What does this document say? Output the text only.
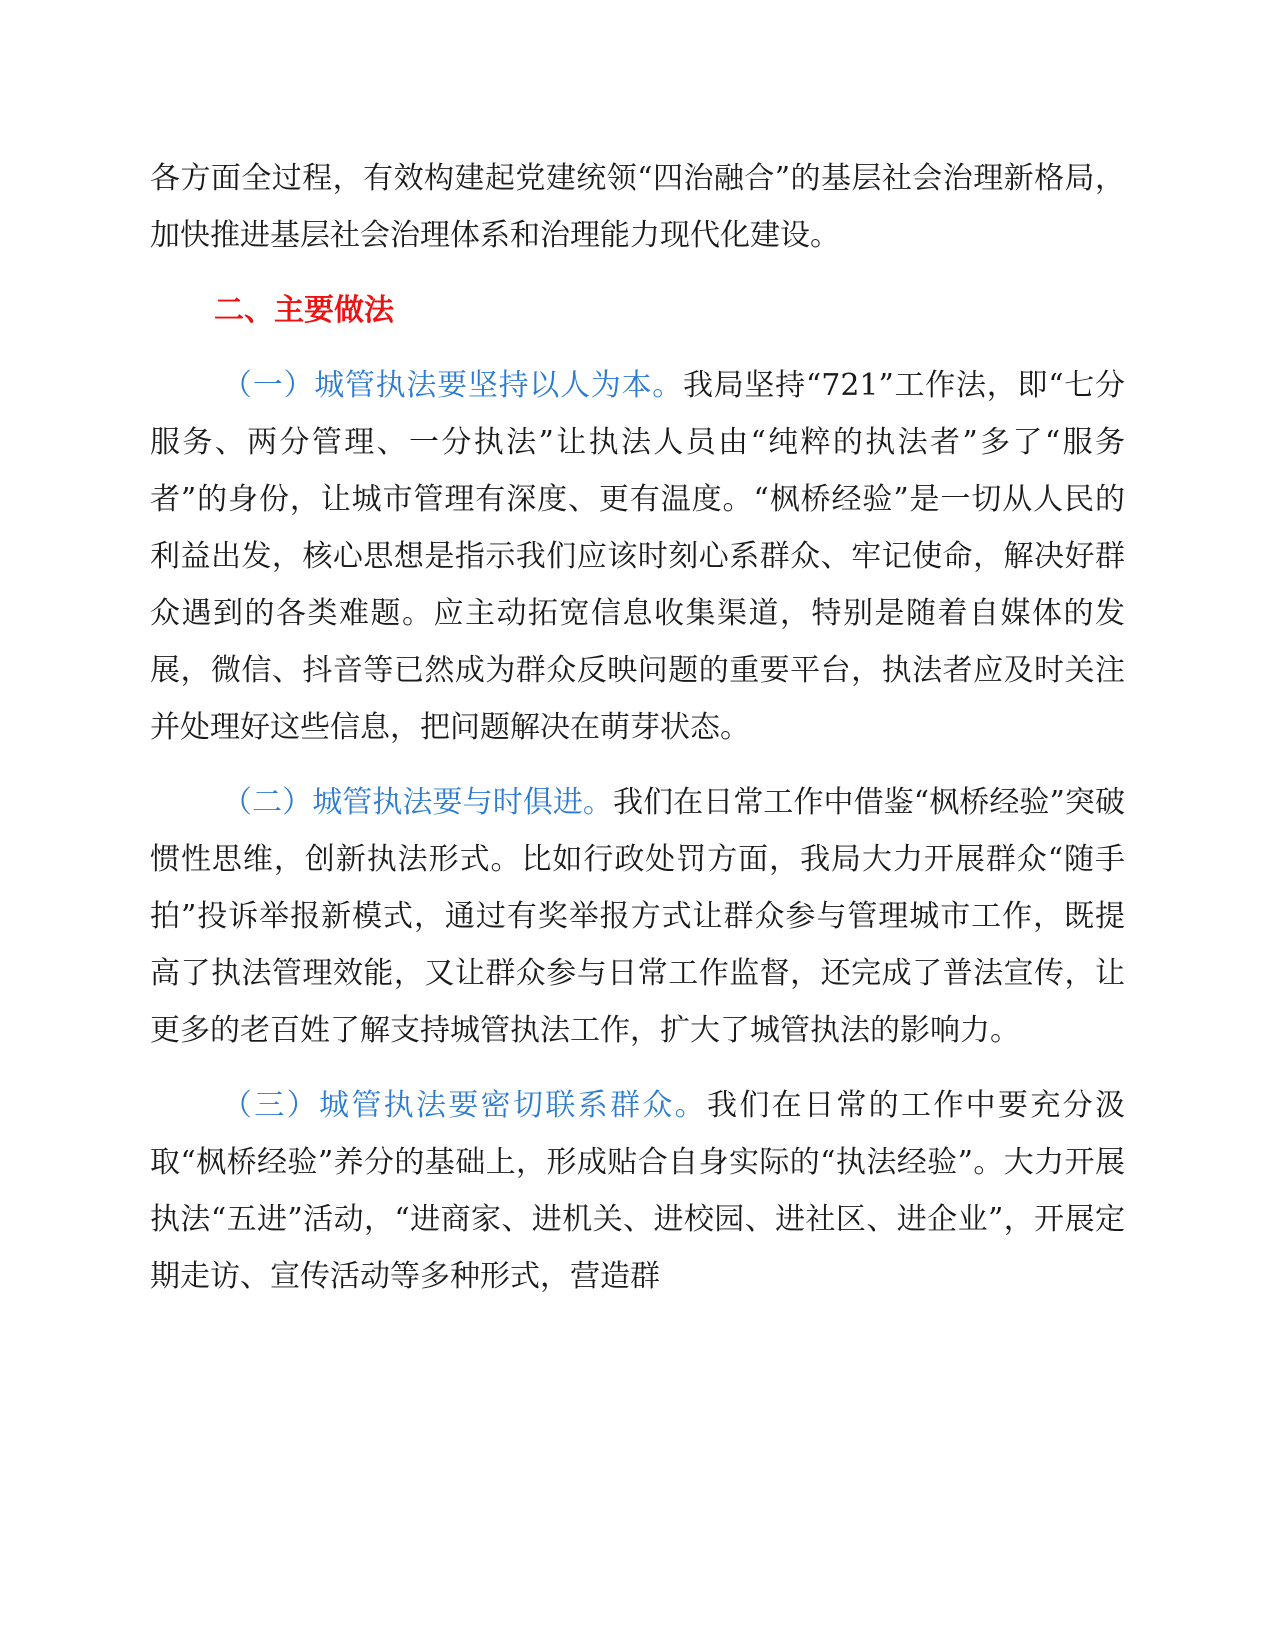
各方面全过程，有效构建起党建统领“四治融合”的基层社会治理新格局，加快推进基层社会治理体系和治理能力现代化建设。

二、主要做法

（一）城管执法要坚持以人为本。我局坚持“721”工作法，即“七分服务、两分管理、一分执法”让执法人员由“纯粹的执法者”多了“服务者”的身份，让城市管理有深度、更有温度。“枫桥经验”是一切从人民的利益出发，核心思想是指示我们应该时刻心系群众、牢记使命，解决好群众遇到的各类难题。应主动拓宽信息收集渠道，特别是随着自媒体的发展，微信、抖音等已然成为群众反映问题的重要平台，执法者应及时关注并处理好这些信息，把问题解决在萌芽状态。

（二）城管执法要与时俱进。我们在日常工作中借鉴“枫桥经验”突破惯性思维，创新执法形式。比如行政处罚方面，我局大力开展群众“随手拍”投诉举报新模式，通过有奖举报方式让群众参与管理城市工作，既提高了执法管理效能，又让群众参与日常工作监督，还完成了普法宣传，让更多的老百姓了解支持城管执法工作，扩大了城管执法的影响力。

（三）城管执法要密切联系群众。我们在日常的工作中要充分汲取“枫桥经验”养分的基础上，形成贴合自身实际的“执法经验”。大力开展执法“五进”活动，“进商家、进机关、进校园、进社区、进企业”，开展定期走访、宣传活动等多种形式，营造群
